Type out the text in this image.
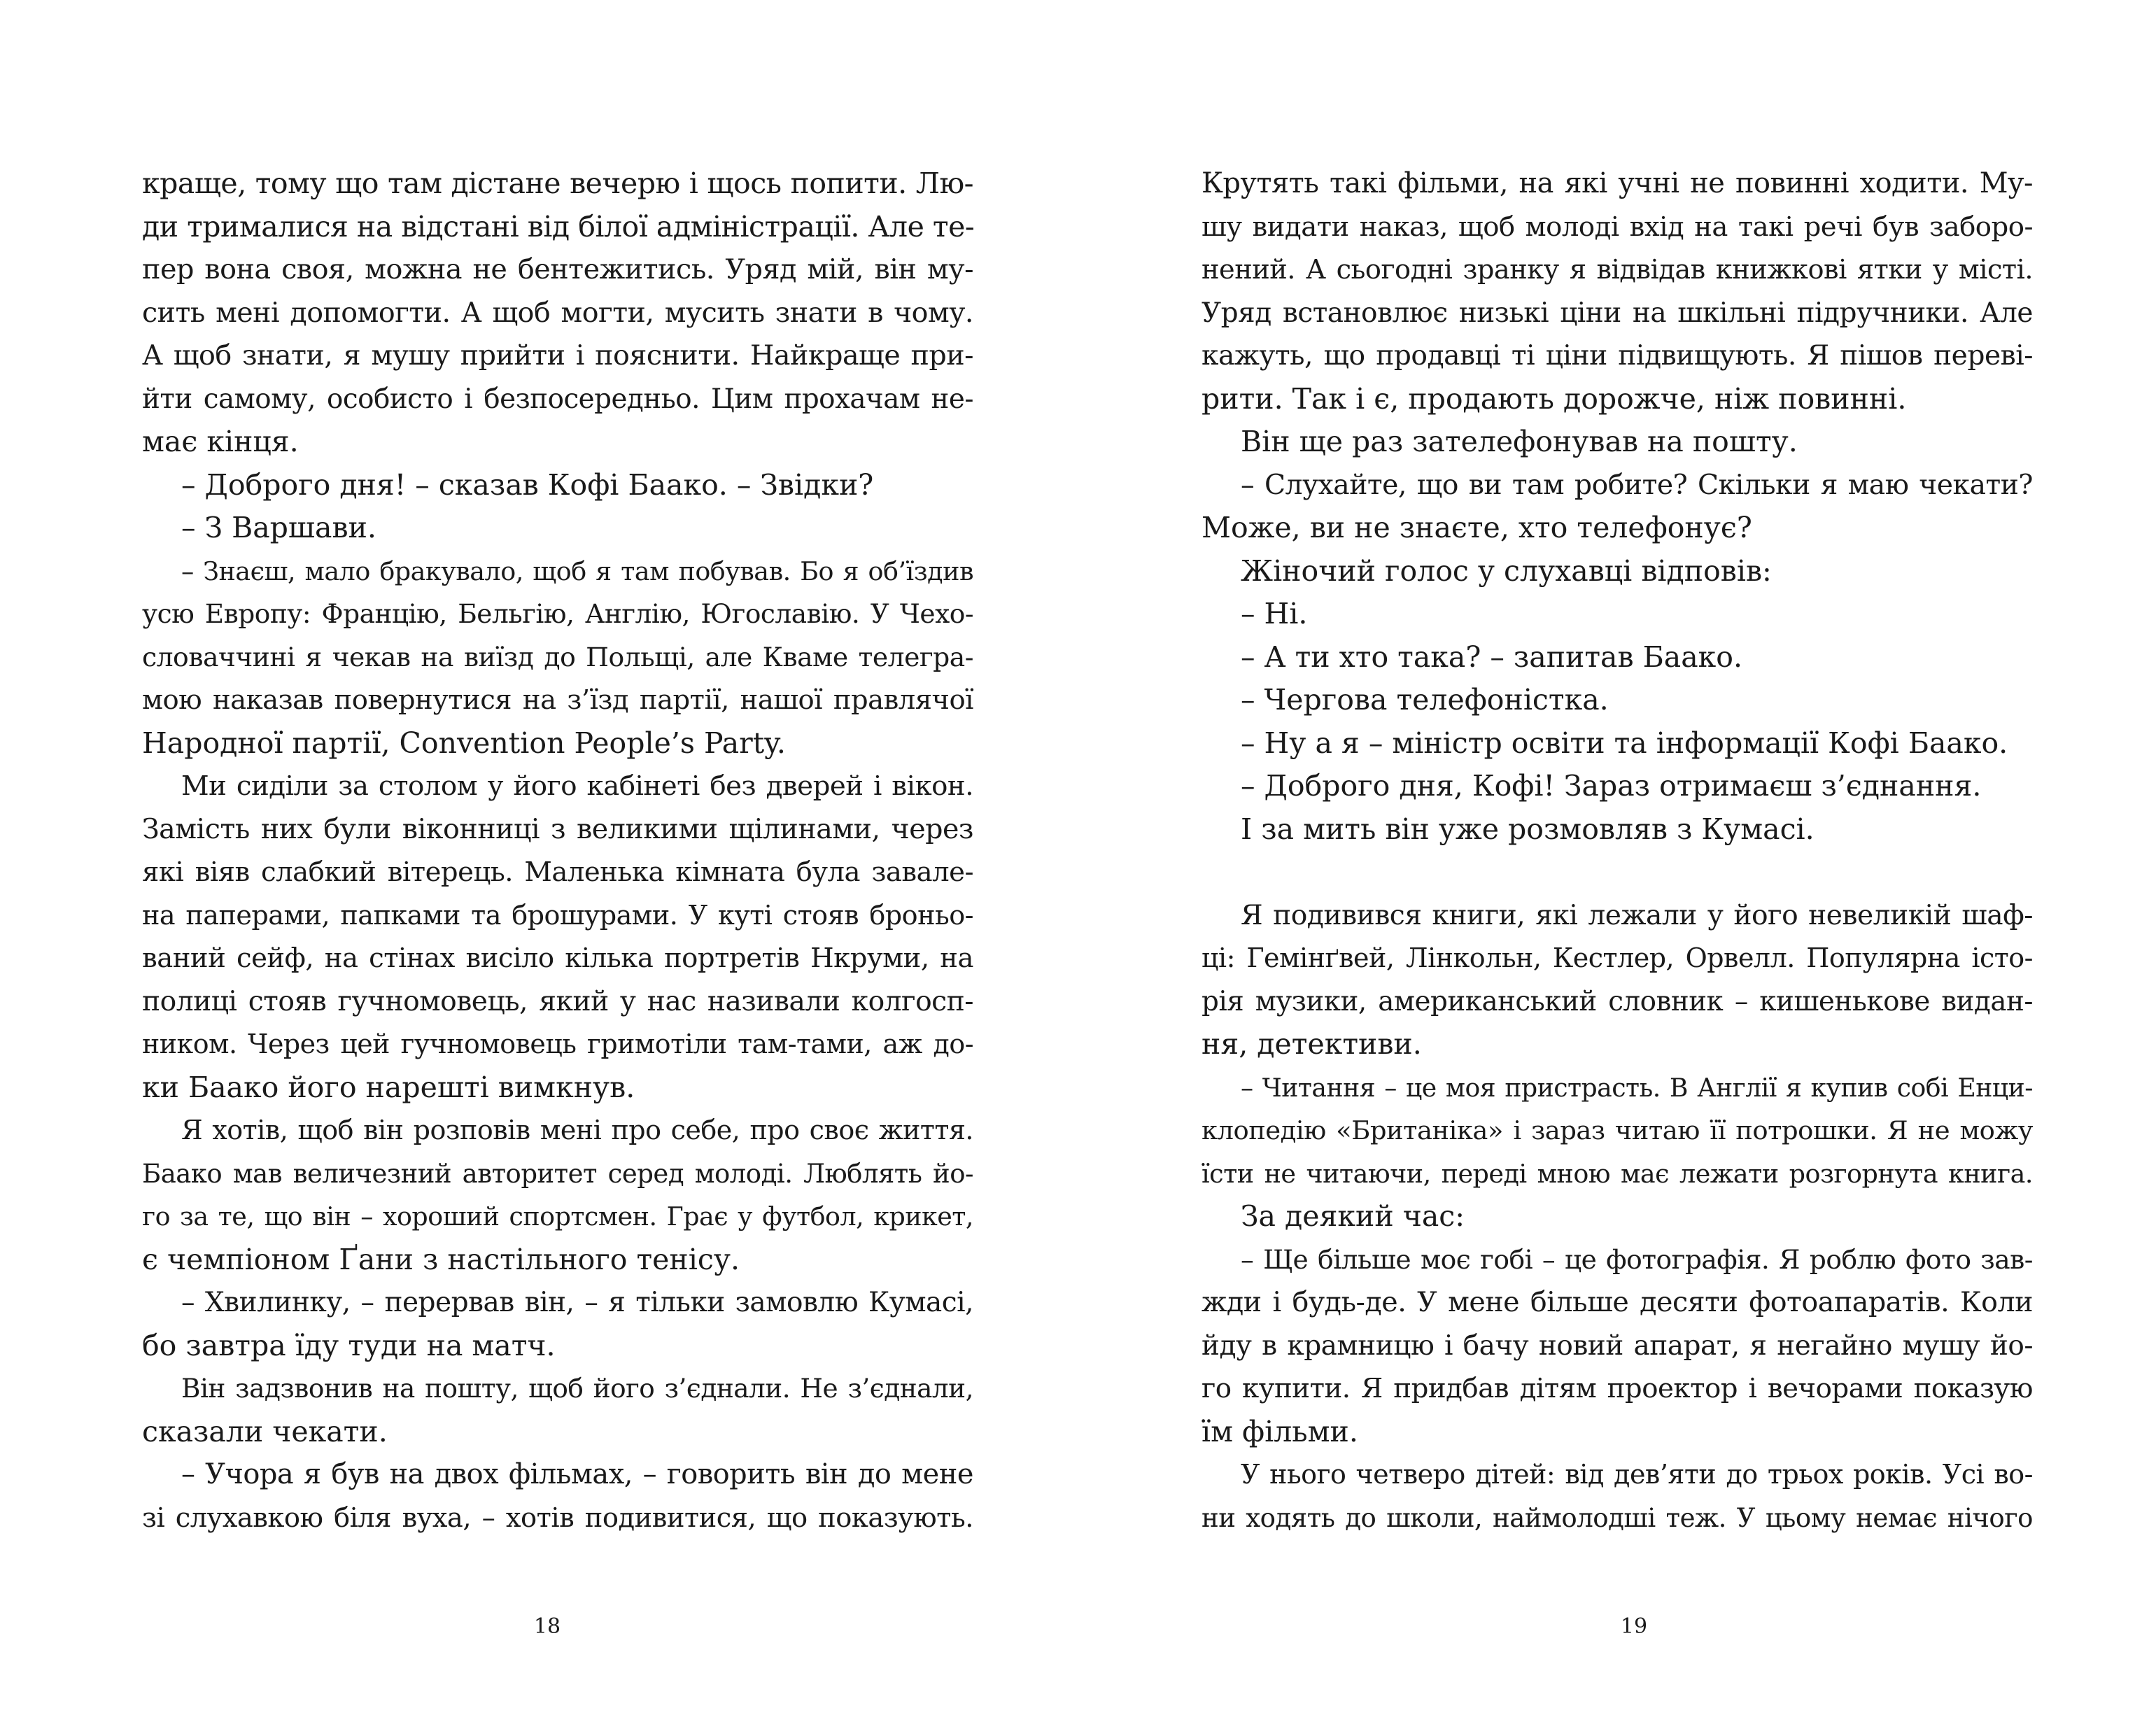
краще, тому що там дістане вечерю і щось попити. Лю-
ди трималися на відстані від білої адміністрації. Але те-
пер вона своя, можна не бентежитись. Уряд мій, він му-
сить мені допомогти. А щоб могти, мусить знати в чому.
А щоб знати, я мушу прийти і пояснити. Найкраще при-
йти самому, особисто і безпосередньо. Цим прохачам не-
має кінця.
– Доброго дня! – сказав Кофі Баако. – Звідки?
– З Варшави.
– Знаєш, мало бракувало, щоб я там побував. Бо я об’їздив
усю Европу: Францію, Бельгію, Англію, Югославію. У Чехо-
словаччині я чекав на виїзд до Польщі, але Кваме телегра-
мою наказав повернутися на з’їзд партії, нашої правлячої
Народної партії, Convention People’s Party.
Ми сиділи за столом у його кабінеті без дверей і вікон.
Замість них були віконниці з великими щілинами, через
які віяв слабкий вітерець. Маленька кімната була завале-
на паперами, папками та брошурами. У куті стояв броньо-
ваний сейф, на стінах висіло кілька портретів Нкруми, на
полиці стояв гучномовець, який у нас називали колгосп-
ником. Через цей гучномовець гримотіли там-тами, аж до-
ки Баако його нарешті вимкнув.
Я хотів, щоб він розповів мені про себе, про своє життя.
Баако мав величезний авторитет серед молоді. Люблять йо-
го за те, що він – хороший спортсмен. Грає у футбол, крикет,
є чемпіоном Ґани з настільного тенісу.
– Хвилинку, – перервав він, – я тільки замовлю Кумасі,
бо завтра їду туди на матч.
Він задзвонив на пошту, щоб його з’єднали. Не з’єднали,
сказали чекати.
– Учора я був на двох фільмах, – говорить він до мене
зі слухавкою біля вуха, – хотів подивитися, що показують.
18
Крутять такі фільми, на які учні не повинні ходити. Му-
шу видати наказ, щоб молоді вхід на такі речі був заборо-
нений. А сьогодні зранку я відвідав книжкові ятки у місті.
Уряд встановлює низькі ціни на шкільні підручники. Але
кажуть, що продавці ті ціни підвищують. Я пішов переві-
рити. Так і є, продають дорожче, ніж повинні.
Він ще раз зателефонував на пошту.
– Слухайте, що ви там робите? Скільки я маю чекати?
Може, ви не знаєте, хто телефонує?
Жіночий голос у слухавці відповів:
– Ні.
– А ти хто така? – запитав Баако.
– Чергова телефоністка.
– Ну а я – міністр освіти та інформації Кофі Баако.
– Доброго дня, Кофі! Зараз отримаєш з’єднання.
І за мить він уже розмовляв з Кумасі.
Я подивився книги, які лежали у його невеликій шаф-
ці: Гемінґвей, Лінкольн, Кестлер, Орвелл. Популярна істо-
рія музики, американський словник – кишенькове видан-
ня, детективи.
– Читання – це моя пристрасть. В Англії я купив собі Енци-
клопедію «Британіка» і зараз читаю її потрошки. Я не можу
їсти не читаючи, переді мною має лежати розгорнута книга.
За деякий час:
– Ще більше моє гобі – це фотографія. Я роблю фото зав-
жди і будь-де. У мене більше десяти фотоапаратів. Коли
йду в крамницю і бачу новий апарат, я негайно мушу йо-
го купити. Я придбав дітям проектор і вечорами показую
їм фільми.
У нього четверо дітей: від дев’яти до трьох років. Усі во-
ни ходять до школи, наймолодші теж. У цьому немає нічого
19
